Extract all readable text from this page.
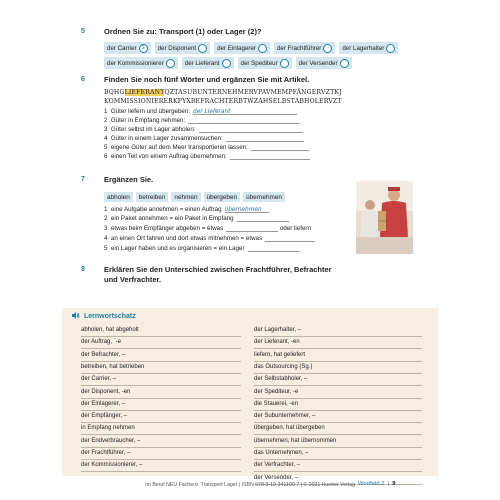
5	Ordnen Sie zu: Transport (1) oder Lager (2)?
der Carrier 1	der Disponent	der Einlagerer	der Frachtführer	der Lagerhalter
der Kommissionierer	der Lieferant	der Spediteur	der Versender
6	Finden Sie noch fünf Wörter und ergänzen Sie mit Artikel.
BQHGLIEFERANTQZTASUBUNTERNEHMERVPAVMEMPFÄNGERVZTKJ
KOMMISSIONIERERKPYXBEFRACHTERBTWZAHSELBSTABHOLERVZT
1
Güter liefern und übergeben: der Lieferant
2
Güter in Empfang nehmen:
3
Güter selbst im Lager abholen:
4
Güter in einem Lager zusammensuchen:
5
eigene Güter auf dem Meer transportieren lassen:
6
einen Teil von einem Auftrag übernehmen:
7	Ergänzen Sie.
abholen	betreiben	nehmen	übergeben	übernehmen
1
eine Aufgabe annehmen = einen Auftrag übernehmen
2
ein Paket annehmen = ein Paket in Empfang
3
etwas beim Empfänger abgeben = etwas
	oder liefern
4
an einen Ort fahren und dort etwas mitnehmen = etwas
5
ein Lager haben und es organisieren = ein Lager
8	Erklären Sie den Unterschied zwischen Frachtführer, Befrachter
und Verfrachter.
Lernwortschatz
abholen, hat abgeholt
der Auftrag, ¨-e
der Befrachter, –
betreiben, hat betrieben
der Carrier, –
der Disponent, -en
der Einlagerer, –
der Empfänger, –
in Empfang nehmen
der Endverbraucher, –
der Frachtführer, –
der Kommissionierer, –
der Lagerhalter, –
der Lieferant, -en
liefern, hat geliefert
das Outsourcing (Sg.)
der Selbstabholer, –
der Spediteur, -e
die Stauerei, -en
der Subunternehmer, –
übergeben, hat übergeben
übernehmen, hat übernommen
das Unternehmen, –
der Verfrachter, –
der Versender, –
Im Beruf NEU Fachw.tr. Transport Lager | ISBN 978-3-19-341190-7 | © 2021 Hueber Verlag Wortfeld 2  |  9
